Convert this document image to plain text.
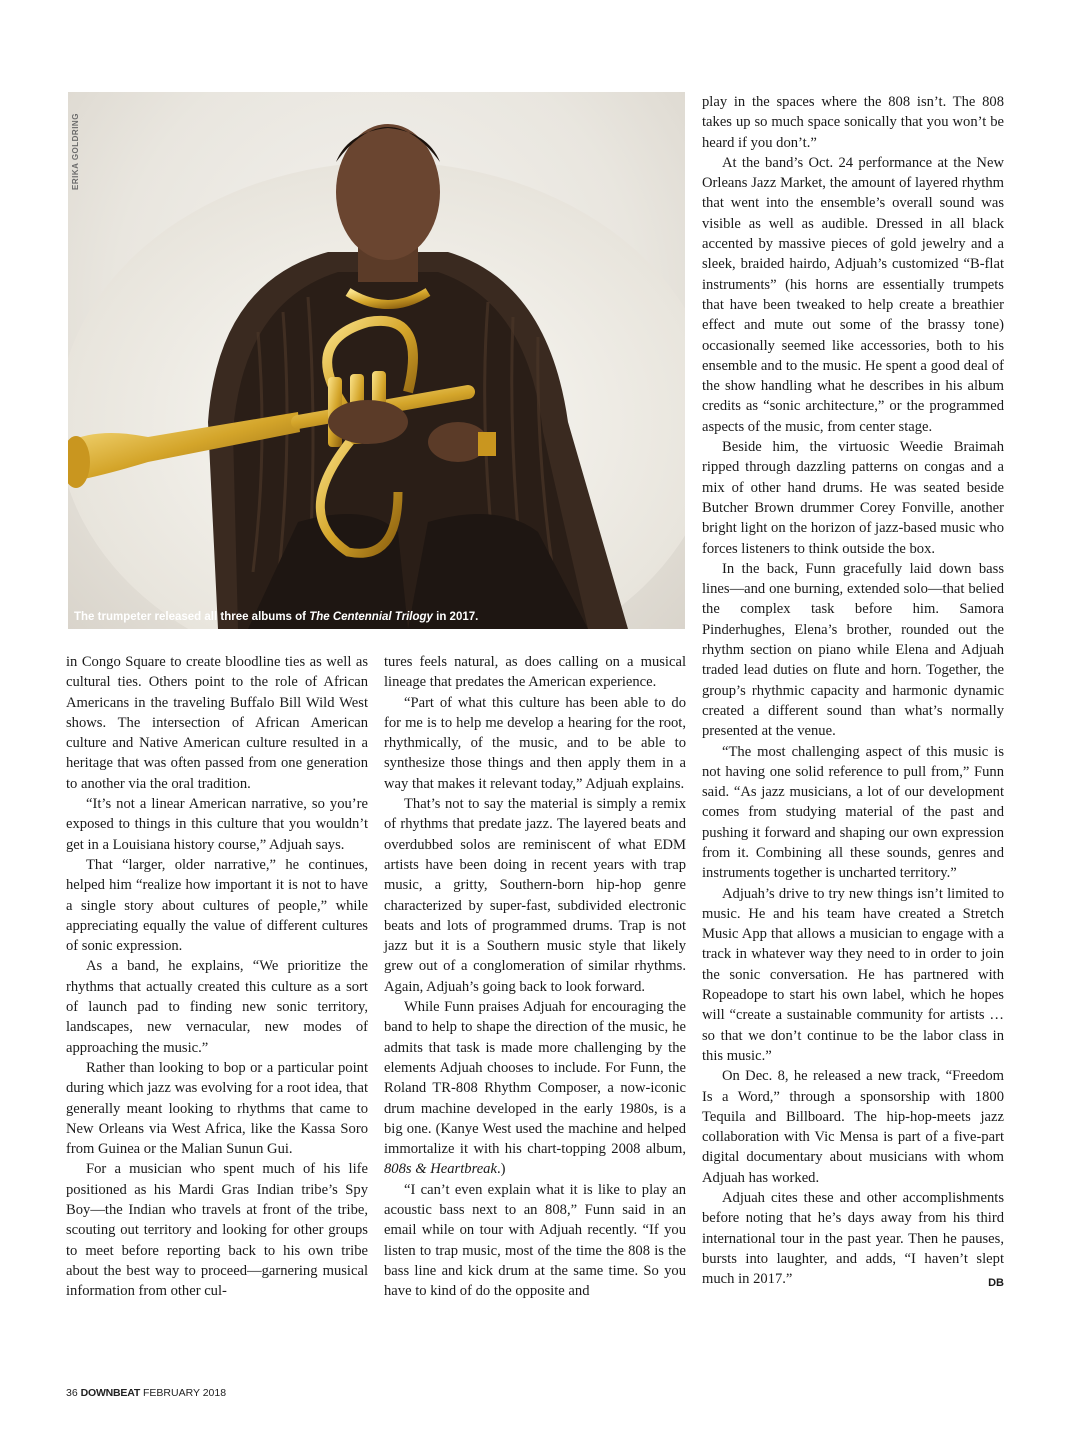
ERIKA GOLDRING
The trumpeter released all three albums of The Centennial Trilogy in 2017.

in Congo Square to create bloodline ties as well as cultural ties. Others point to the role of African Americans in the traveling Buffalo Bill Wild West shows. The intersection of African American culture and Native American culture resulted in a heritage that was often passed from one generation to another via the oral tradition.

“It’s not a linear American narrative, so you’re exposed to things in this culture that you wouldn’t get in a Louisiana history course,” Adjuah says.

That “larger, older narrative,” he continues, helped him “realize how important it is not to have a single story about cultures of people,” while appreciating equally the value of different cultures of sonic expression.

As a band, he explains, “We prioritize the rhythms that actually created this culture as a sort of launch pad to finding new sonic territory, landscapes, new vernacular, new modes of approaching the music.”

Rather than looking to bop or a particular point during which jazz was evolving for a root idea, that generally meant looking to rhythms that came to New Orleans via West Africa, like the Kassa Soro from Guinea or the Malian Sunun Gui.

For a musician who spent much of his life positioned as his Mardi Gras Indian tribe’s Spy Boy—the Indian who travels at front of the tribe, scouting out territory and looking for other groups to meet before reporting back to his own tribe about the best way to proceed—garnering musical information from other cul-

tures feels natural, as does calling on a musical lineage that predates the American experience.

“Part of what this culture has been able to do for me is to help me develop a hearing for the root, rhythmically, of the music, and to be able to synthesize those things and then apply them in a way that makes it relevant today,” Adjuah explains.

That’s not to say the material is simply a remix of rhythms that predate jazz. The layered beats and overdubbed solos are reminiscent of what EDM artists have been doing in recent years with trap music, a gritty, Southern-born hip-hop genre characterized by super-fast, subdivided electronic beats and lots of programmed drums. Trap is not jazz but it is a Southern music style that likely grew out of a conglomeration of similar rhythms. Again, Adjuah’s going back to look forward.

While Funn praises Adjuah for encouraging the band to help to shape the direction of the music, he admits that task is made more challenging by the elements Adjuah chooses to include. For Funn, the Roland TR-808 Rhythm Composer, a now-iconic drum machine developed in the early 1980s, is a big one. (Kanye West used the machine and helped immortalize it with his chart-topping 2008 album, 808s & Heartbreak.)

“I can’t even explain what it is like to play an acoustic bass next to an 808,” Funn said in an email while on tour with Adjuah recently. “If you listen to trap music, most of the time the 808 is the bass line and kick drum at the same time. So you have to kind of do the opposite and

play in the spaces where the 808 isn’t. The 808 takes up so much space sonically that you won’t be heard if you don’t.”

At the band’s Oct. 24 performance at the New Orleans Jazz Market, the amount of layered rhythm that went into the ensemble’s overall sound was visible as well as audible. Dressed in all black accented by massive pieces of gold jewelry and a sleek, braided hairdo, Adjuah’s customized “B-flat instruments” (his horns are essentially trumpets that have been tweaked to help create a breathier effect and mute out some of the brassy tone) occasionally seemed like accessories, both to his ensemble and to the music. He spent a good deal of the show handling what he describes in his album credits as “sonic architecture,” or the programmed aspects of the music, from center stage.

Beside him, the virtuosic Weedie Braimah ripped through dazzling patterns on congas and a mix of other hand drums. He was seated beside Butcher Brown drummer Corey Fonville, another bright light on the horizon of jazz-based music who forces listeners to think outside the box.

In the back, Funn gracefully laid down bass lines—and one burning, extended solo—that belied the complex task before him. Samora Pinderhughes, Elena’s brother, rounded out the rhythm section on piano while Elena and Adjuah traded lead duties on flute and horn. Together, the group’s rhythmic capacity and harmonic dynamic created a different sound than what’s normally presented at the venue.

“The most challenging aspect of this music is not having one solid reference to pull from,” Funn said. “As jazz musicians, a lot of our development comes from studying material of the past and pushing it forward and shaping our own expression from it. Combining all these sounds, genres and instruments together is uncharted territory.”

Adjuah’s drive to try new things isn’t limited to music. He and his team have created a Stretch Music App that allows a musician to engage with a track in whatever way they need to in order to join the sonic conversation. He has partnered with Ropeadope to start his own label, which he hopes will “create a sustainable community for artists … so that we don’t continue to be the labor class in this music.”

On Dec. 8, he released a new track, “Freedom Is a Word,” through a sponsorship with 1800 Tequila and Billboard. The hip-hop-meets jazz collaboration with Vic Mensa is part of a five-part digital documentary about musicians with whom Adjuah has worked.

Adjuah cites these and other accomplishments before noting that he’s days away from his third international tour in the past year. Then he pauses, bursts into laughter, and adds, “I haven’t slept much in 2017.”	DB

36 DOWNBEAT FEBRUARY 2018
